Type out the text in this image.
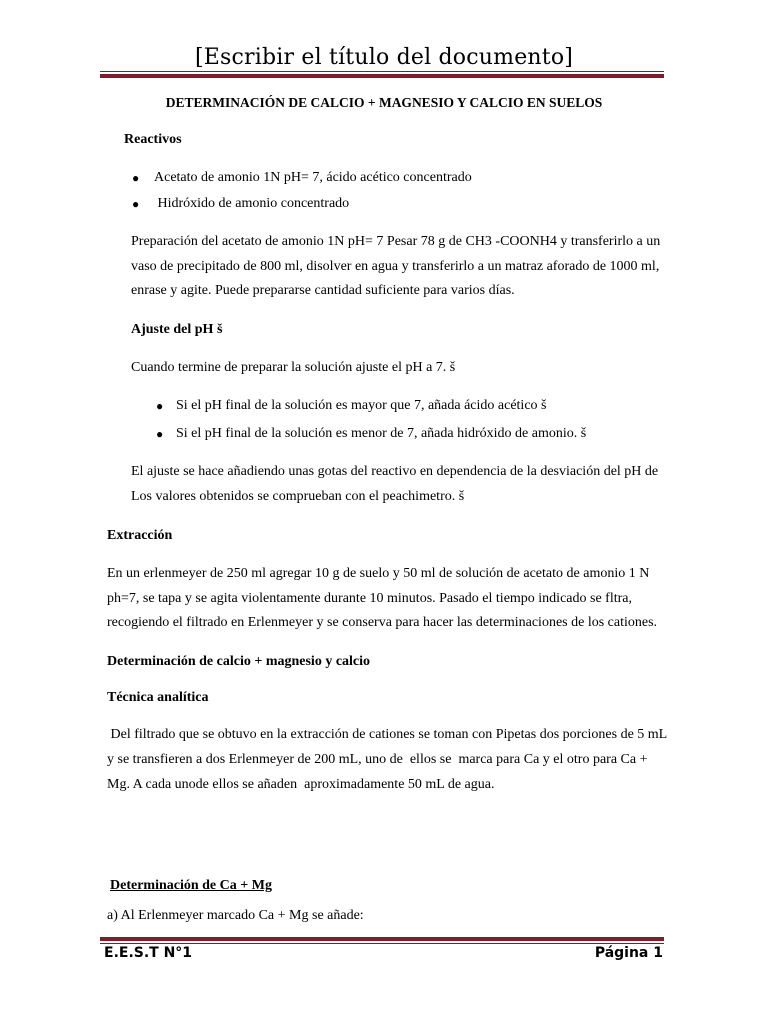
[Escribir el título del documento]
DETERMINACIÓN DE CALCIO + MAGNESIO Y CALCIO EN SUELOS
Reactivos
● Acetato de amonio 1N pH= 7, ácido acético concentrado
● Hidróxido de amonio concentrado
Preparación del acetato de amonio 1N pH= 7 Pesar 78 g de CH3 -COONH4 y transferirlo a un
vaso de precipitado de 800 ml, disolver en agua y transferirlo a un matraz aforado de 1000 ml,
enrase y agite. Puede prepararse cantidad suficiente para varios días.
Ajuste del pH š
Cuando termine de preparar la solución ajuste el pH a 7. š
● Si el pH final de la solución es mayor que 7, añada ácido acético š
● Si el pH final de la solución es menor de 7, añada hidróxido de amonio. š
El ajuste se hace añadiendo unas gotas del reactivo en dependencia de la desviación del pH de
Los valores obtenidos se comprueban con el peachimetro. š
Extracción
En un erlenmeyer de 250 ml agregar 10 g de suelo y 50 ml de solución de acetato de amonio 1 N
ph=7, se tapa y se agita violentamente durante 10 minutos. Pasado el tiempo indicado se fltra,
recogiendo el filtrado en Erlenmeyer y se conserva para hacer las determinaciones de los cationes.
Determinación de calcio + magnesio y calcio
Técnica analítica
Del filtrado que se obtuvo en la extracción de cationes se toman con Pipetas dos porciones de 5 mL
y se transfieren a dos Erlenmeyer de 200 mL, uno de  ellos se  marca para Ca y el otro para Ca +
Mg. A cada unode ellos se añaden  aproximadamente 50 mL de agua.
Determinación de Ca + Mg
a) Al Erlenmeyer marcado Ca + Mg se añade:
E.E.S.T N°1	Página 1
